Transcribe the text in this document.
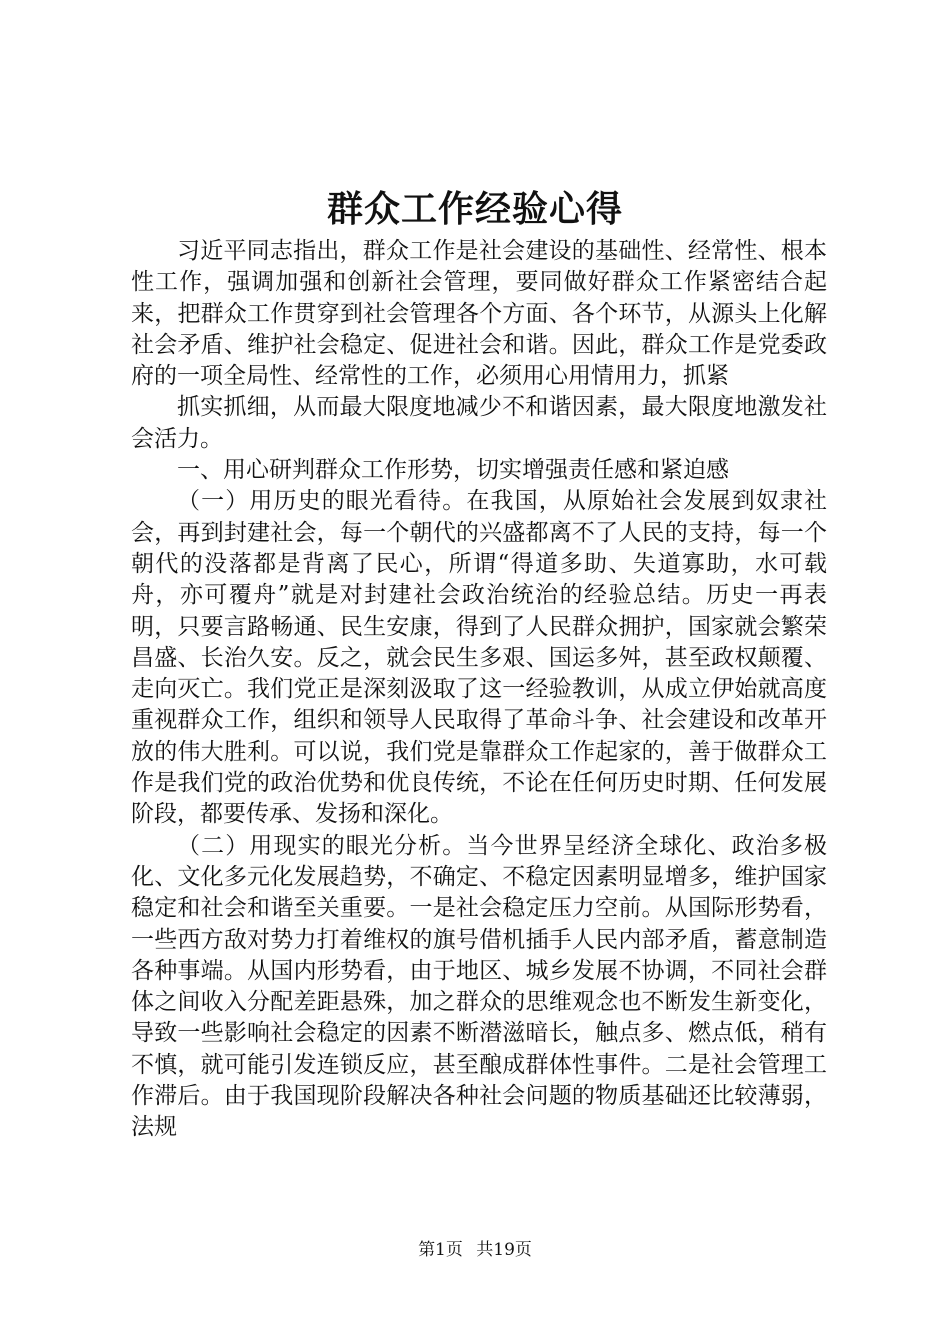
群众工作经验心得

习近平同志指出，群众工作是社会建设的基础性、经常性、根本性工作，强调加强和创新社会管理，要同做好群众工作紧密结合起来，把群众工作贯穿到社会管理各个方面、各个环节，从源头上化解社会矛盾、维护社会稳定、促进社会和谐。因此，群众工作是党委政府的一项全局性、经常性的工作，必须用心用情用力，抓紧

抓实抓细，从而最大限度地减少不和谐因素，最大限度地激发社会活力。

一、用心研判群众工作形势，切实增强责任感和紧迫感

（一）用历史的眼光看待。在我国，从原始社会发展到奴隶社会，再到封建社会，每一个朝代的兴盛都离不了人民的支持，每一个朝代的没落都是背离了民心，所谓“得道多助、失道寡助，水可载舟，亦可覆舟”就是对封建社会政治统治的经验总结。历史一再表明，只要言路畅通、民生安康，得到了人民群众拥护，国家就会繁荣昌盛、长治久安。反之，就会民生多艰、国运多舛，甚至政权颠覆、走向灭亡。我们党正是深刻汲取了这一经验教训，从成立伊始就高度重视群众工作，组织和领导人民取得了革命斗争、社会建设和改革开放的伟大胜利。可以说，我们党是靠群众工作起家的，善于做群众工作是我们党的政治优势和优良传统，不论在任何历史时期、任何发展阶段，都要传承、发扬和深化。

（二）用现实的眼光分析。当今世界呈经济全球化、政治多极化、文化多元化发展趋势，不确定、不稳定因素明显增多，维护国家稳定和社会和谐至关重要。一是社会稳定压力空前。从国际形势看，一些西方敌对势力打着维权的旗号借机插手人民内部矛盾，蓄意制造各种事端。从国内形势看，由于地区、城乡发展不协调，不同社会群体之间收入分配差距悬殊，加之群众的思维观念也不断发生新变化，导致一些影响社会稳定的因素不断潜滋暗长，触点多、燃点低，稍有不慎，就可能引发连锁反应，甚至酿成群体性事件。二是社会管理工作滞后。由于我国现阶段解决各种社会问题的物质基础还比较薄弱，法规

第1页 共19页
